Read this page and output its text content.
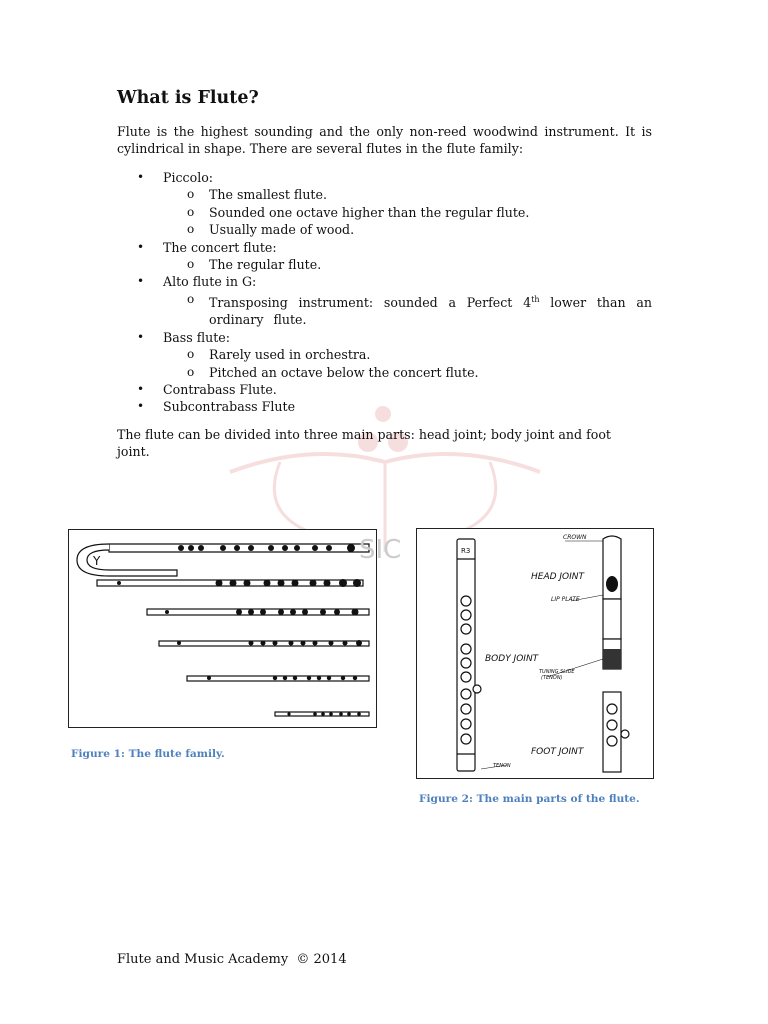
What is Flute?
Flute is the highest sounding and the only non-reed woodwind instrument. It is cylindrical in shape. There are several flutes in the flute family:
• Piccolo:
o The smallest flute.
o Sounded one octave higher than the regular flute.
o Usually made of wood.
• The concert flute:
o The regular flute.
• Alto flute in G:
o Transposing instrument: sounded a Perfect 4th lower than an ordinary flute.
• Bass flute:
o Rarely used in orchestra.
o Pitched an octave below the concert flute.
• Contrabass Flute.
• Subcontrabass Flute
The flute can be divided into three main parts: head joint; body joint and foot joint.
Y	SIC
Figure 1: The flute family.
CROWN
HEAD JOINT
LIP PLATE
BODY JOINT
TUNING SLIDE
(TENON)
FOOT JOINT
TENON
R3
Figure 2: The main parts of the flute.
Flute and Music Academy © 2014
